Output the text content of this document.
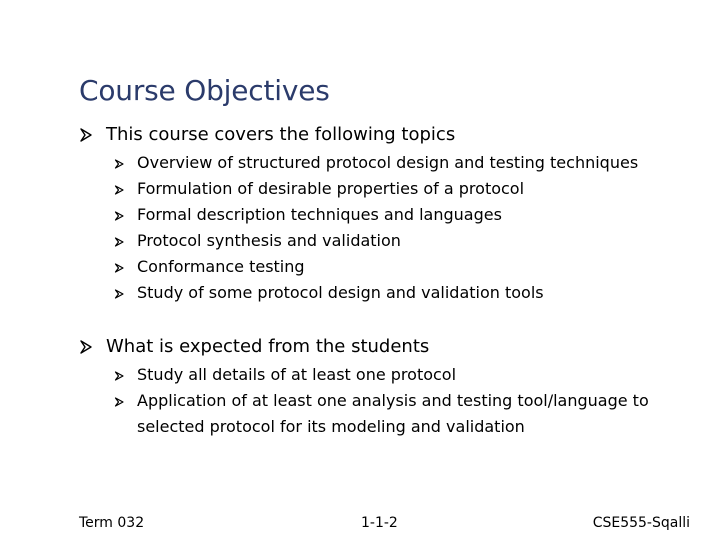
Course Objectives
This course covers the following topics
Overview of structured protocol design and testing techniques
Formulation of desirable properties of a protocol
Formal description techniques and languages
Protocol synthesis and validation
Conformance testing
Study of some protocol design and validation tools
What is expected from the students
Study all details of at least one protocol
Application of at least one analysis and testing tool/language to selected protocol for its modeling and validation
Term 032	1-1-2	CSE555-Sqalli
